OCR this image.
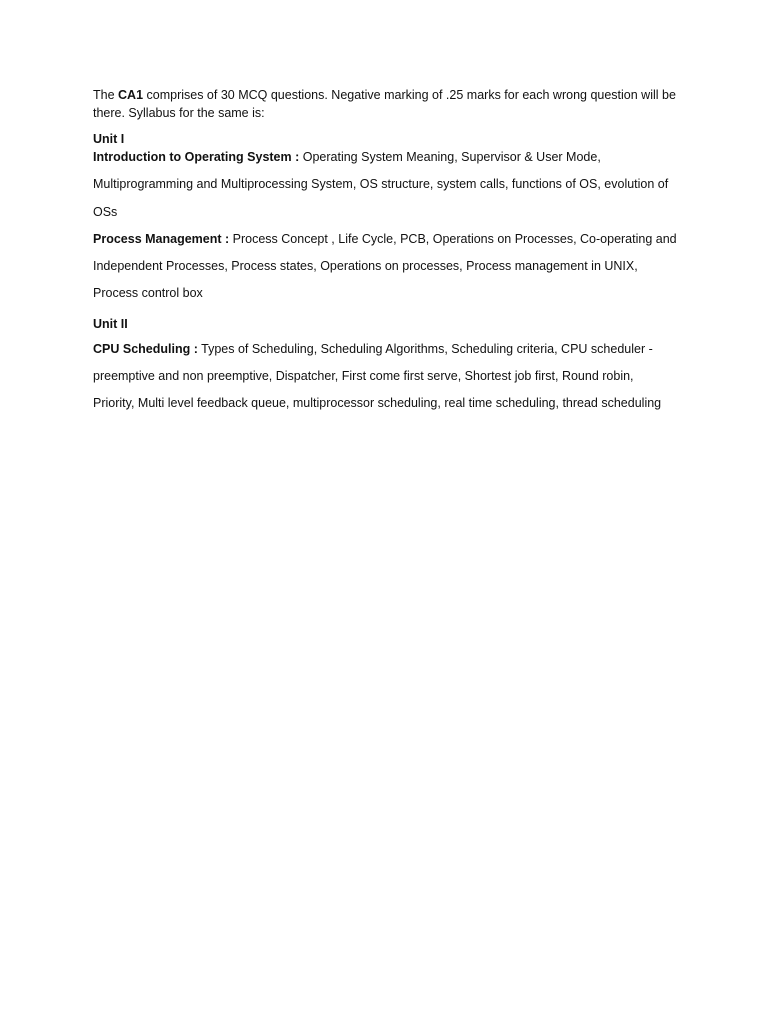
The CA1 comprises of 30 MCQ questions. Negative marking of .25 marks for each wrong question will be there. Syllabus for the same is:

Unit I

Introduction to Operating System : Operating System Meaning, Supervisor & User Mode, Multiprogramming and Multiprocessing System, OS structure, system calls, functions of OS, evolution of OSs

Process Management : Process Concept , Life Cycle, PCB, Operations on Processes, Co-operating and Independent Processes, Process states, Operations on processes, Process management in UNIX, Process control box

Unit II

CPU Scheduling : Types of Scheduling, Scheduling Algorithms, Scheduling criteria, CPU scheduler - preemptive and non preemptive, Dispatcher, First come first serve, Shortest job first, Round robin, Priority, Multi level feedback queue, multiprocessor scheduling, real time scheduling, thread scheduling
